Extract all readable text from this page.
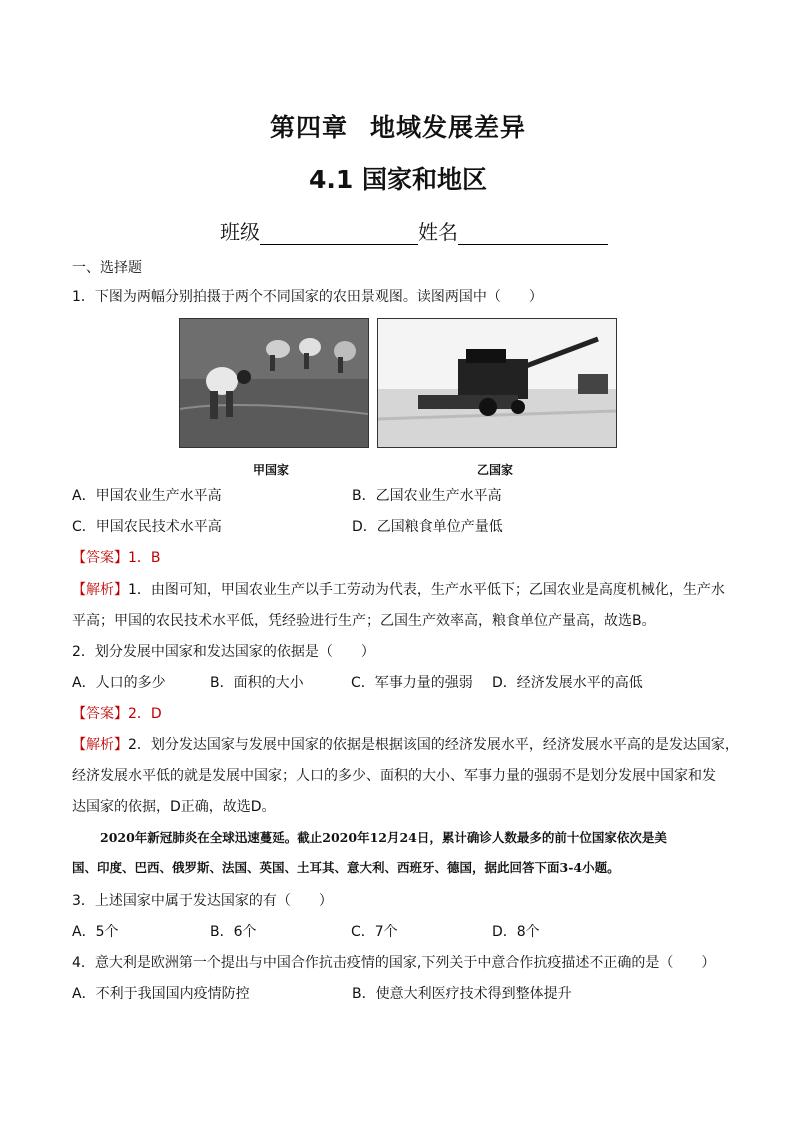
第四章 地域发展差异
4.1 国家和地区
班级	姓名
一、选择题
1．下图为两幅分别拍摄于两个不同国家的农田景观图。读图两国中（　　）
甲国家	乙国家
A．甲国农业生产水平高	B．乙国农业生产水平高
C．甲国农民技术水平高	D．乙国粮食单位产量低
【答案】1．B
【解析】1．由图可知，甲国农业生产以手工劳动为代表，生产水平低下；乙国农业是高度机械化，生产水
平高；甲国的农民技术水平低，凭经验进行生产；乙国生产效率高，粮食单位产量高，故选B。
2．划分发展中国家和发达国家的依据是（　　）
A．人口的多少	B．面积的大小	C．军事力量的强弱 D．经济发展水平的高低
【答案】2．D
【解析】2．划分发达国家与发展中国家的依据是根据该国的经济发展水平，经济发展水平高的是发达国家，
经济发展水平低的就是发展中国家；人口的多少、面积的大小、军事力量的强弱不是划分发展中国家和发
达国家的依据，D正确，故选D。
2020年新冠肺炎在全球迅速蔓延。截止2020年12月24日，累计确诊人数最多的前十位国家依次是美
国、印度、巴西、俄罗斯、法国、英国、土耳其、意大利、西班牙、德国，据此回答下面3-4小题。
3．上述国家中属于发达国家的有（　　）
A．5个	B．6个	C．7个	D．8个
4．意大利是欧洲第一个提出与中国合作抗击疫情的国家,下列关于中意合作抗疫描述不正确的是（　　）
A．不利于我国国内疫情防控	B．使意大利医疗技术得到整体提升
